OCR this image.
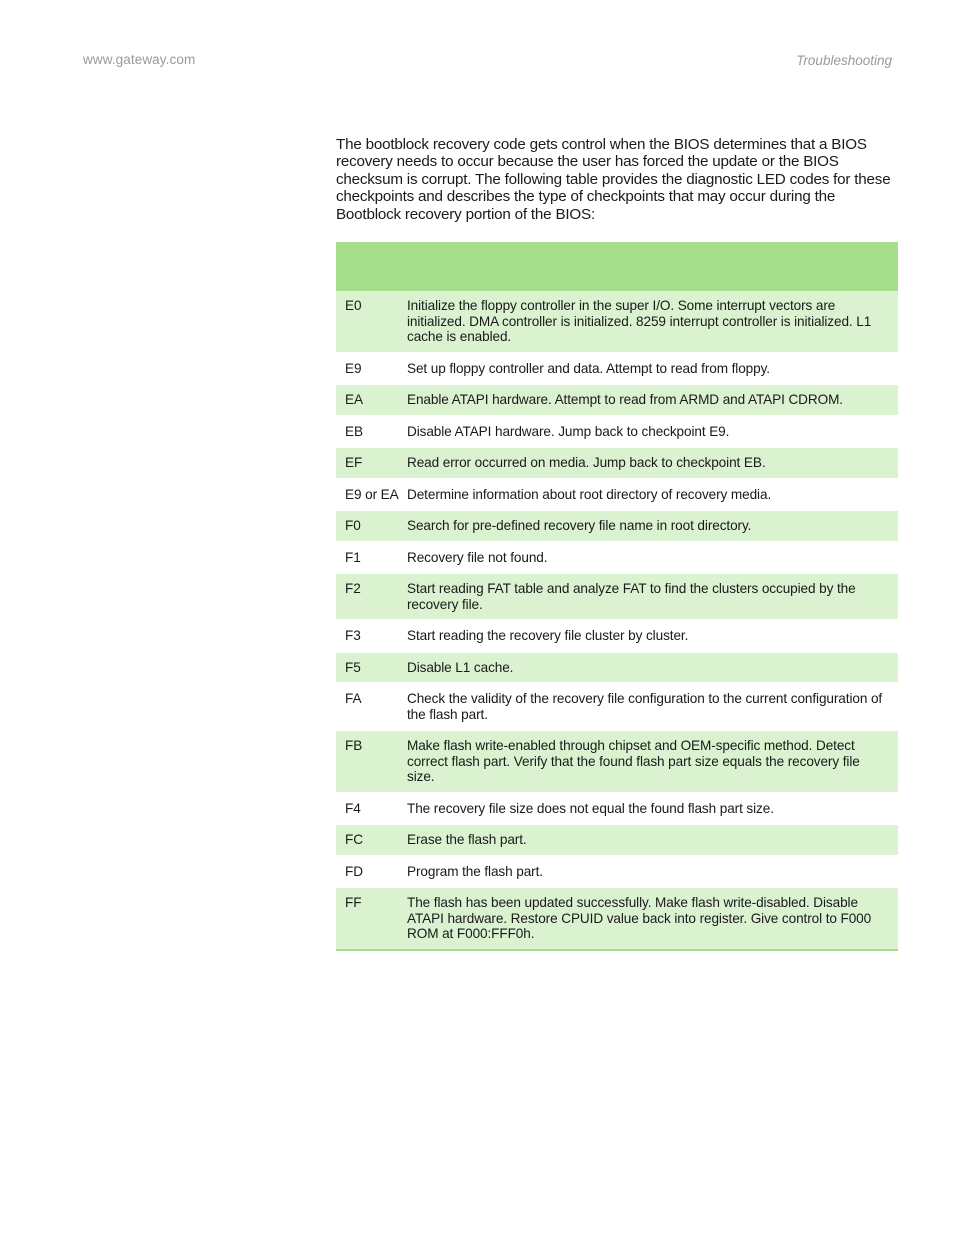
www.gateway.com	Troubleshooting

The bootblock recovery code gets control when the BIOS determines that a BIOS recovery needs to occur because the user has forced the update or the BIOS checksum is corrupt. The following table provides the diagnostic LED codes for these checkpoints and describes the type of checkpoints that may occur during the Bootblock recovery portion of the BIOS:

E0	Initialize the floppy controller in the super I/O. Some interrupt vectors are initialized. DMA controller is initialized. 8259 interrupt controller is initialized. L1 cache is enabled.
E9	Set up floppy controller and data. Attempt to read from floppy.
EA	Enable ATAPI hardware. Attempt to read from ARMD and ATAPI CDROM.
EB	Disable ATAPI hardware. Jump back to checkpoint E9.
EF	Read error occurred on media. Jump back to checkpoint EB.
E9 or EA	Determine information about root directory of recovery media.
F0	Search for pre-defined recovery file name in root directory.
F1	Recovery file not found.
F2	Start reading FAT table and analyze FAT to find the clusters occupied by the recovery file.
F3	Start reading the recovery file cluster by cluster.
F5	Disable L1 cache.
FA	Check the validity of the recovery file configuration to the current configuration of the flash part.
FB	Make flash write-enabled through chipset and OEM-specific method. Detect correct flash part. Verify that the found flash part size equals the recovery file size.
F4	The recovery file size does not equal the found flash part size.
FC	Erase the flash part.
FD	Program the flash part.
FF	The flash has been updated successfully. Make flash write-disabled. Disable ATAPI hardware. Restore CPUID value back into register. Give control to F000 ROM at F000:FFF0h.
